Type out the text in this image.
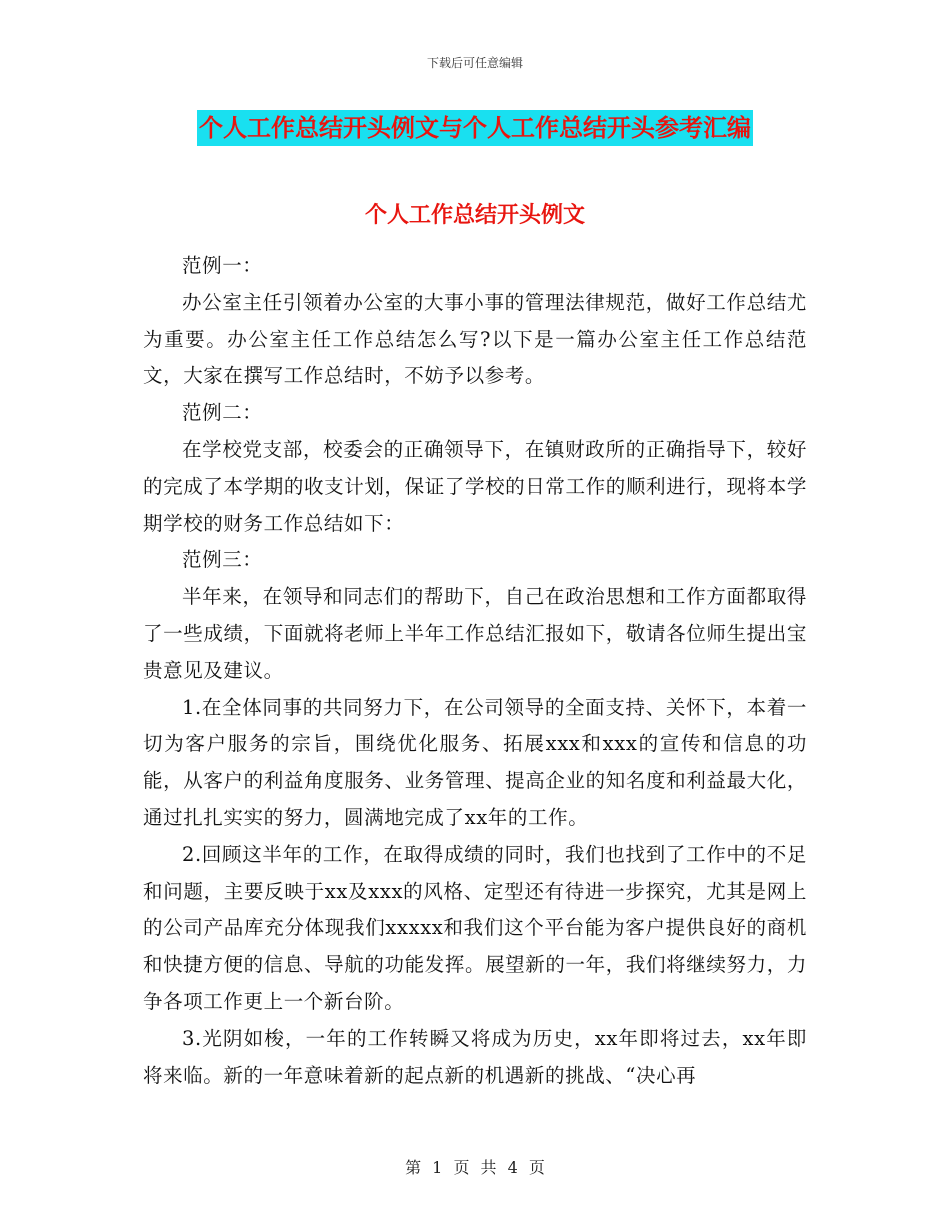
下载后可任意编辑
个人工作总结开头例文与个人工作总结开头参考汇编
个人工作总结开头例文

范例一：

办公室主任引领着办公室的大事小事的管理法律规范，做好工作总结尤为重要。办公室主任工作总结怎么写?以下是一篇办公室主任工作总结范文，大家在撰写工作总结时，不妨予以参考。

范例二：

在学校党支部，校委会的正确领导下，在镇财政所的正确指导下，较好的完成了本学期的收支计划，保证了学校的日常工作的顺利进行，现将本学期学校的财务工作总结如下：

范例三：

半年来，在领导和同志们的帮助下，自己在政治思想和工作方面都取得了一些成绩，下面就将老师上半年工作总结汇报如下，敬请各位师生提出宝贵意见及建议。

1.在全体同事的共同努力下，在公司领导的全面支持、关怀下，本着一切为客户服务的宗旨，围绕优化服务、拓展xxx和xxx的宣传和信息的功能，从客户的利益角度服务、业务管理、提高企业的知名度和利益最大化，通过扎扎实实的努力，圆满地完成了xx年的工作。

2.回顾这半年的工作，在取得成绩的同时，我们也找到了工作中的不足和问题，主要反映于xx及xxx的风格、定型还有待进一步探究，尤其是网上的公司产品库充分体现我们xxxxx和我们这个平台能为客户提供良好的商机和快捷方便的信息、导航的功能发挥。展望新的一年，我们将继续努力，力争各项工作更上一个新台阶。

3.光阴如梭，一年的工作转瞬又将成为历史，xx年即将过去，xx年即将来临。新的一年意味着新的起点新的机遇新的挑战、“决心再

第 1 页 共 4 页
